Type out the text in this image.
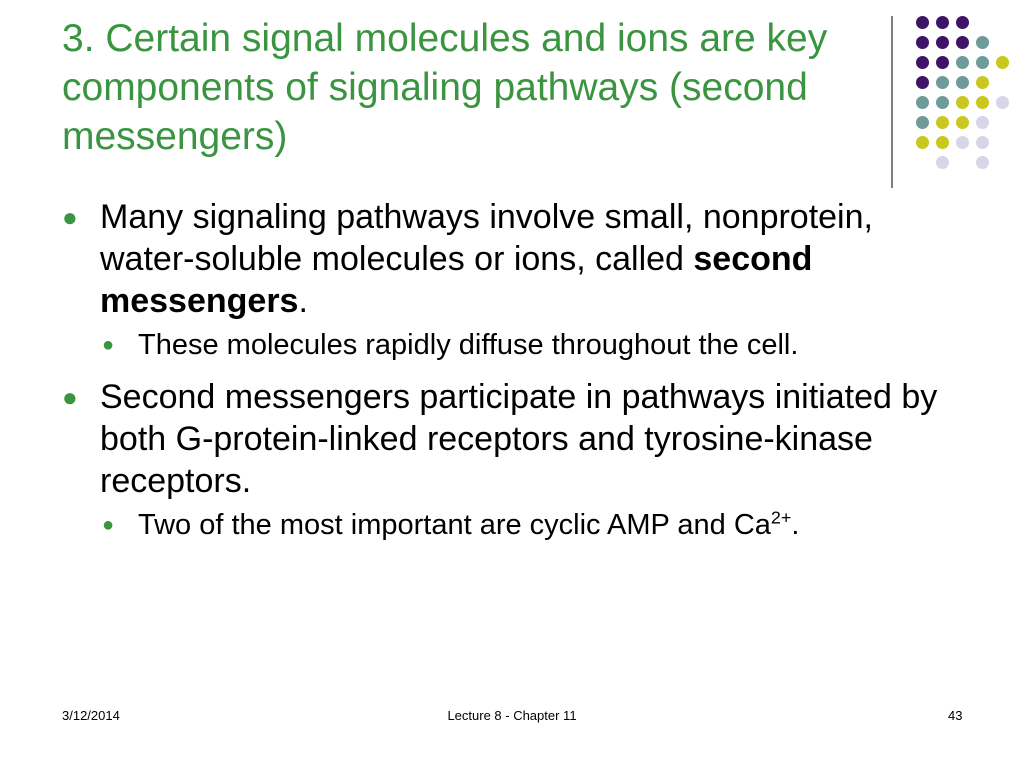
3. Certain signal molecules and ions are key components of signaling pathways (second messengers)

● Many signaling pathways involve small, nonprotein, water-soluble molecules or ions, called second messengers.

● These molecules rapidly diffuse throughout the cell.

● Second messengers participate in pathways initiated by both G-protein-linked receptors and tyrosine-kinase receptors.

● Two of the most important are cyclic AMP and $Ca^{2+}$.

3/12/2014	Lecture 8 - Chapter 11	43
